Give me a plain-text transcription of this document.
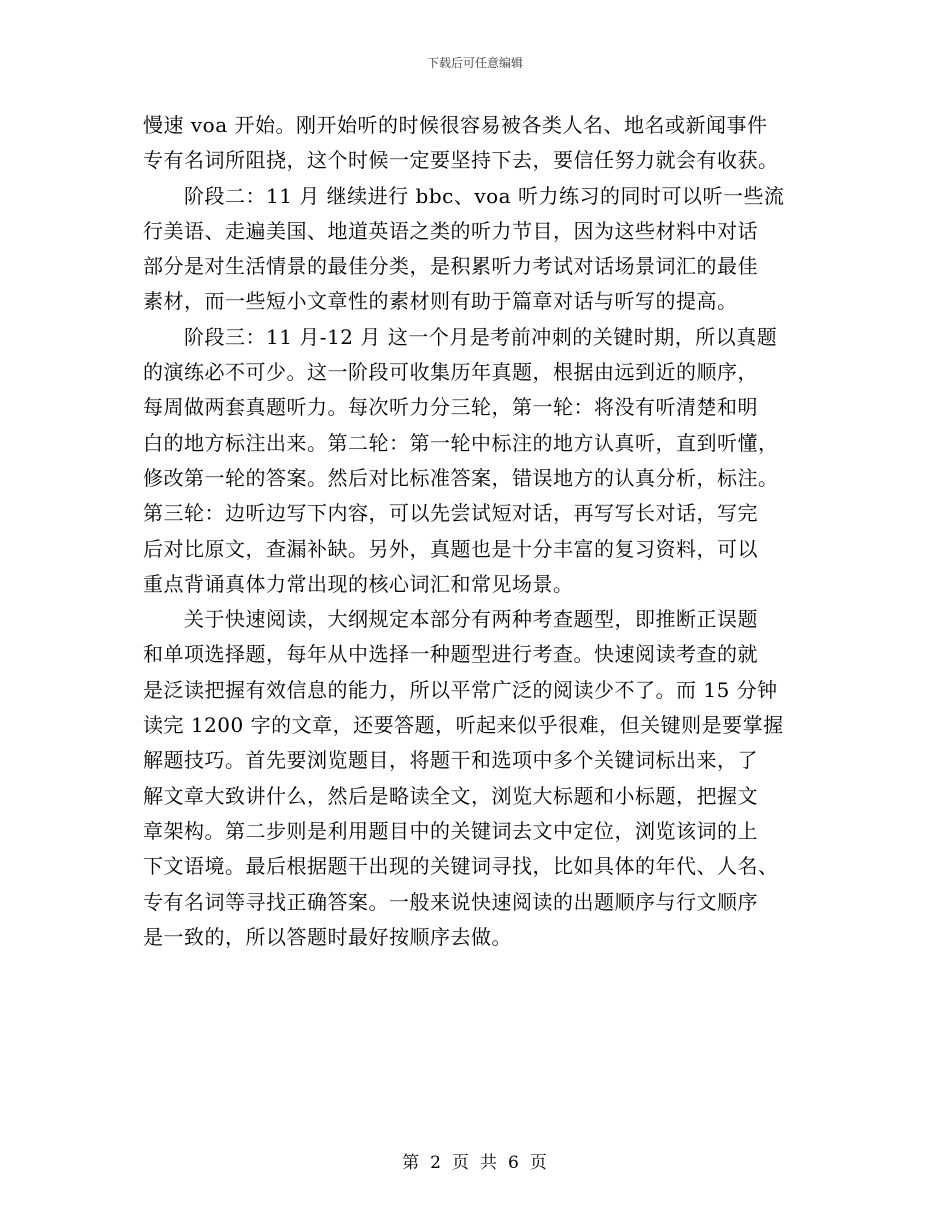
下载后可任意编辑
慢速 voa 开始。刚开始听的时候很容易被各类人名、地名或新闻事件
专有名词所阻挠，这个时候一定要坚持下去，要信任努力就会有收获。
阶段二：11 月 继续进行 bbc、voa 听力练习的同时可以听一些流
行美语、走遍美国、地道英语之类的听力节目，因为这些材料中对话
部分是对生活情景的最佳分类，是积累听力考试对话场景词汇的最佳
素材，而一些短小文章性的素材则有助于篇章对话与听写的提高。
阶段三：11 月-12 月 这一个月是考前冲刺的关键时期，所以真题
的演练必不可少。这一阶段可收集历年真题，根据由远到近的顺序，
每周做两套真题听力。每次听力分三轮，第一轮：将没有听清楚和明
白的地方标注出来。第二轮：第一轮中标注的地方认真听，直到听懂，
修改第一轮的答案。然后对比标准答案，错误地方的认真分析，标注。
第三轮：边听边写下内容，可以先尝试短对话，再写写长对话，写完
后对比原文，查漏补缺。另外，真题也是十分丰富的复习资料，可以
重点背诵真体力常出现的核心词汇和常见场景。
关于快速阅读，大纲规定本部分有两种考查题型，即推断正误题
和单项选择题，每年从中选择一种题型进行考查。快速阅读考查的就
是泛读把握有效信息的能力，所以平常广泛的阅读少不了。而 15 分钟
读完 1200 字的文章，还要答题，听起来似乎很难，但关键则是要掌握
解题技巧。首先要浏览题目，将题干和选项中多个关键词标出来，了
解文章大致讲什么，然后是略读全文，浏览大标题和小标题，把握文
章架构。第二步则是利用题目中的关键词去文中定位，浏览该词的上
下文语境。最后根据题干出现的关键词寻找，比如具体的年代、人名、
专有名词等寻找正确答案。一般来说快速阅读的出题顺序与行文顺序
是一致的，所以答题时最好按顺序去做。
第 2 页 共 6 页
